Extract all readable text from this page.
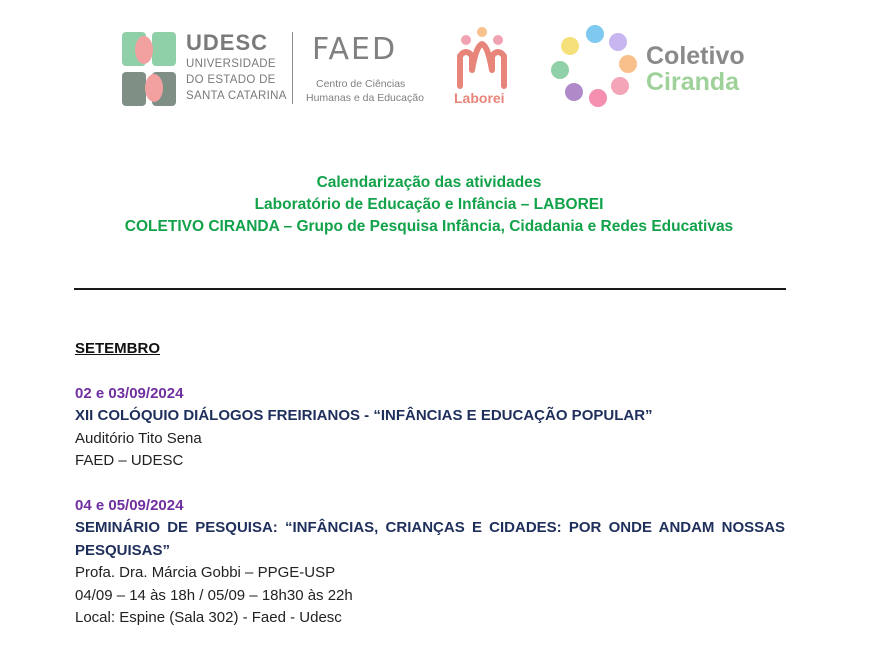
UDESC
UNIVERSIDADE
DO ESTADO DE
SANTA CATARINA
FAED
Centro de Ciências
Humanas e da Educação Laborei
Coletivo
Ciranda
Calendarização das atividades
Laboratório de Educação e Infância – LABOREI
COLETIVO CIRANDA – Grupo de Pesquisa Infância, Cidadania e Redes Educativas
SETEMBRO
02 e 03/09/2024
XII COLÓQUIO DIÁLOGOS FREIRIANOS - “INFÂNCIAS E EDUCAÇÃO POPULAR”
Auditório Tito Sena
FAED – UDESC
04 e 05/09/2024
SEMINÁRIO DE PESQUISA: “INFÂNCIAS, CRIANÇAS E CIDADES: POR ONDE ANDAM NOSSAS PESQUISAS”
Profa. Dra. Márcia Gobbi – PPGE-USP
04/09 – 14 às 18h / 05/09 – 18h30 às 22h
Local: Espine (Sala 302) - Faed - Udesc
